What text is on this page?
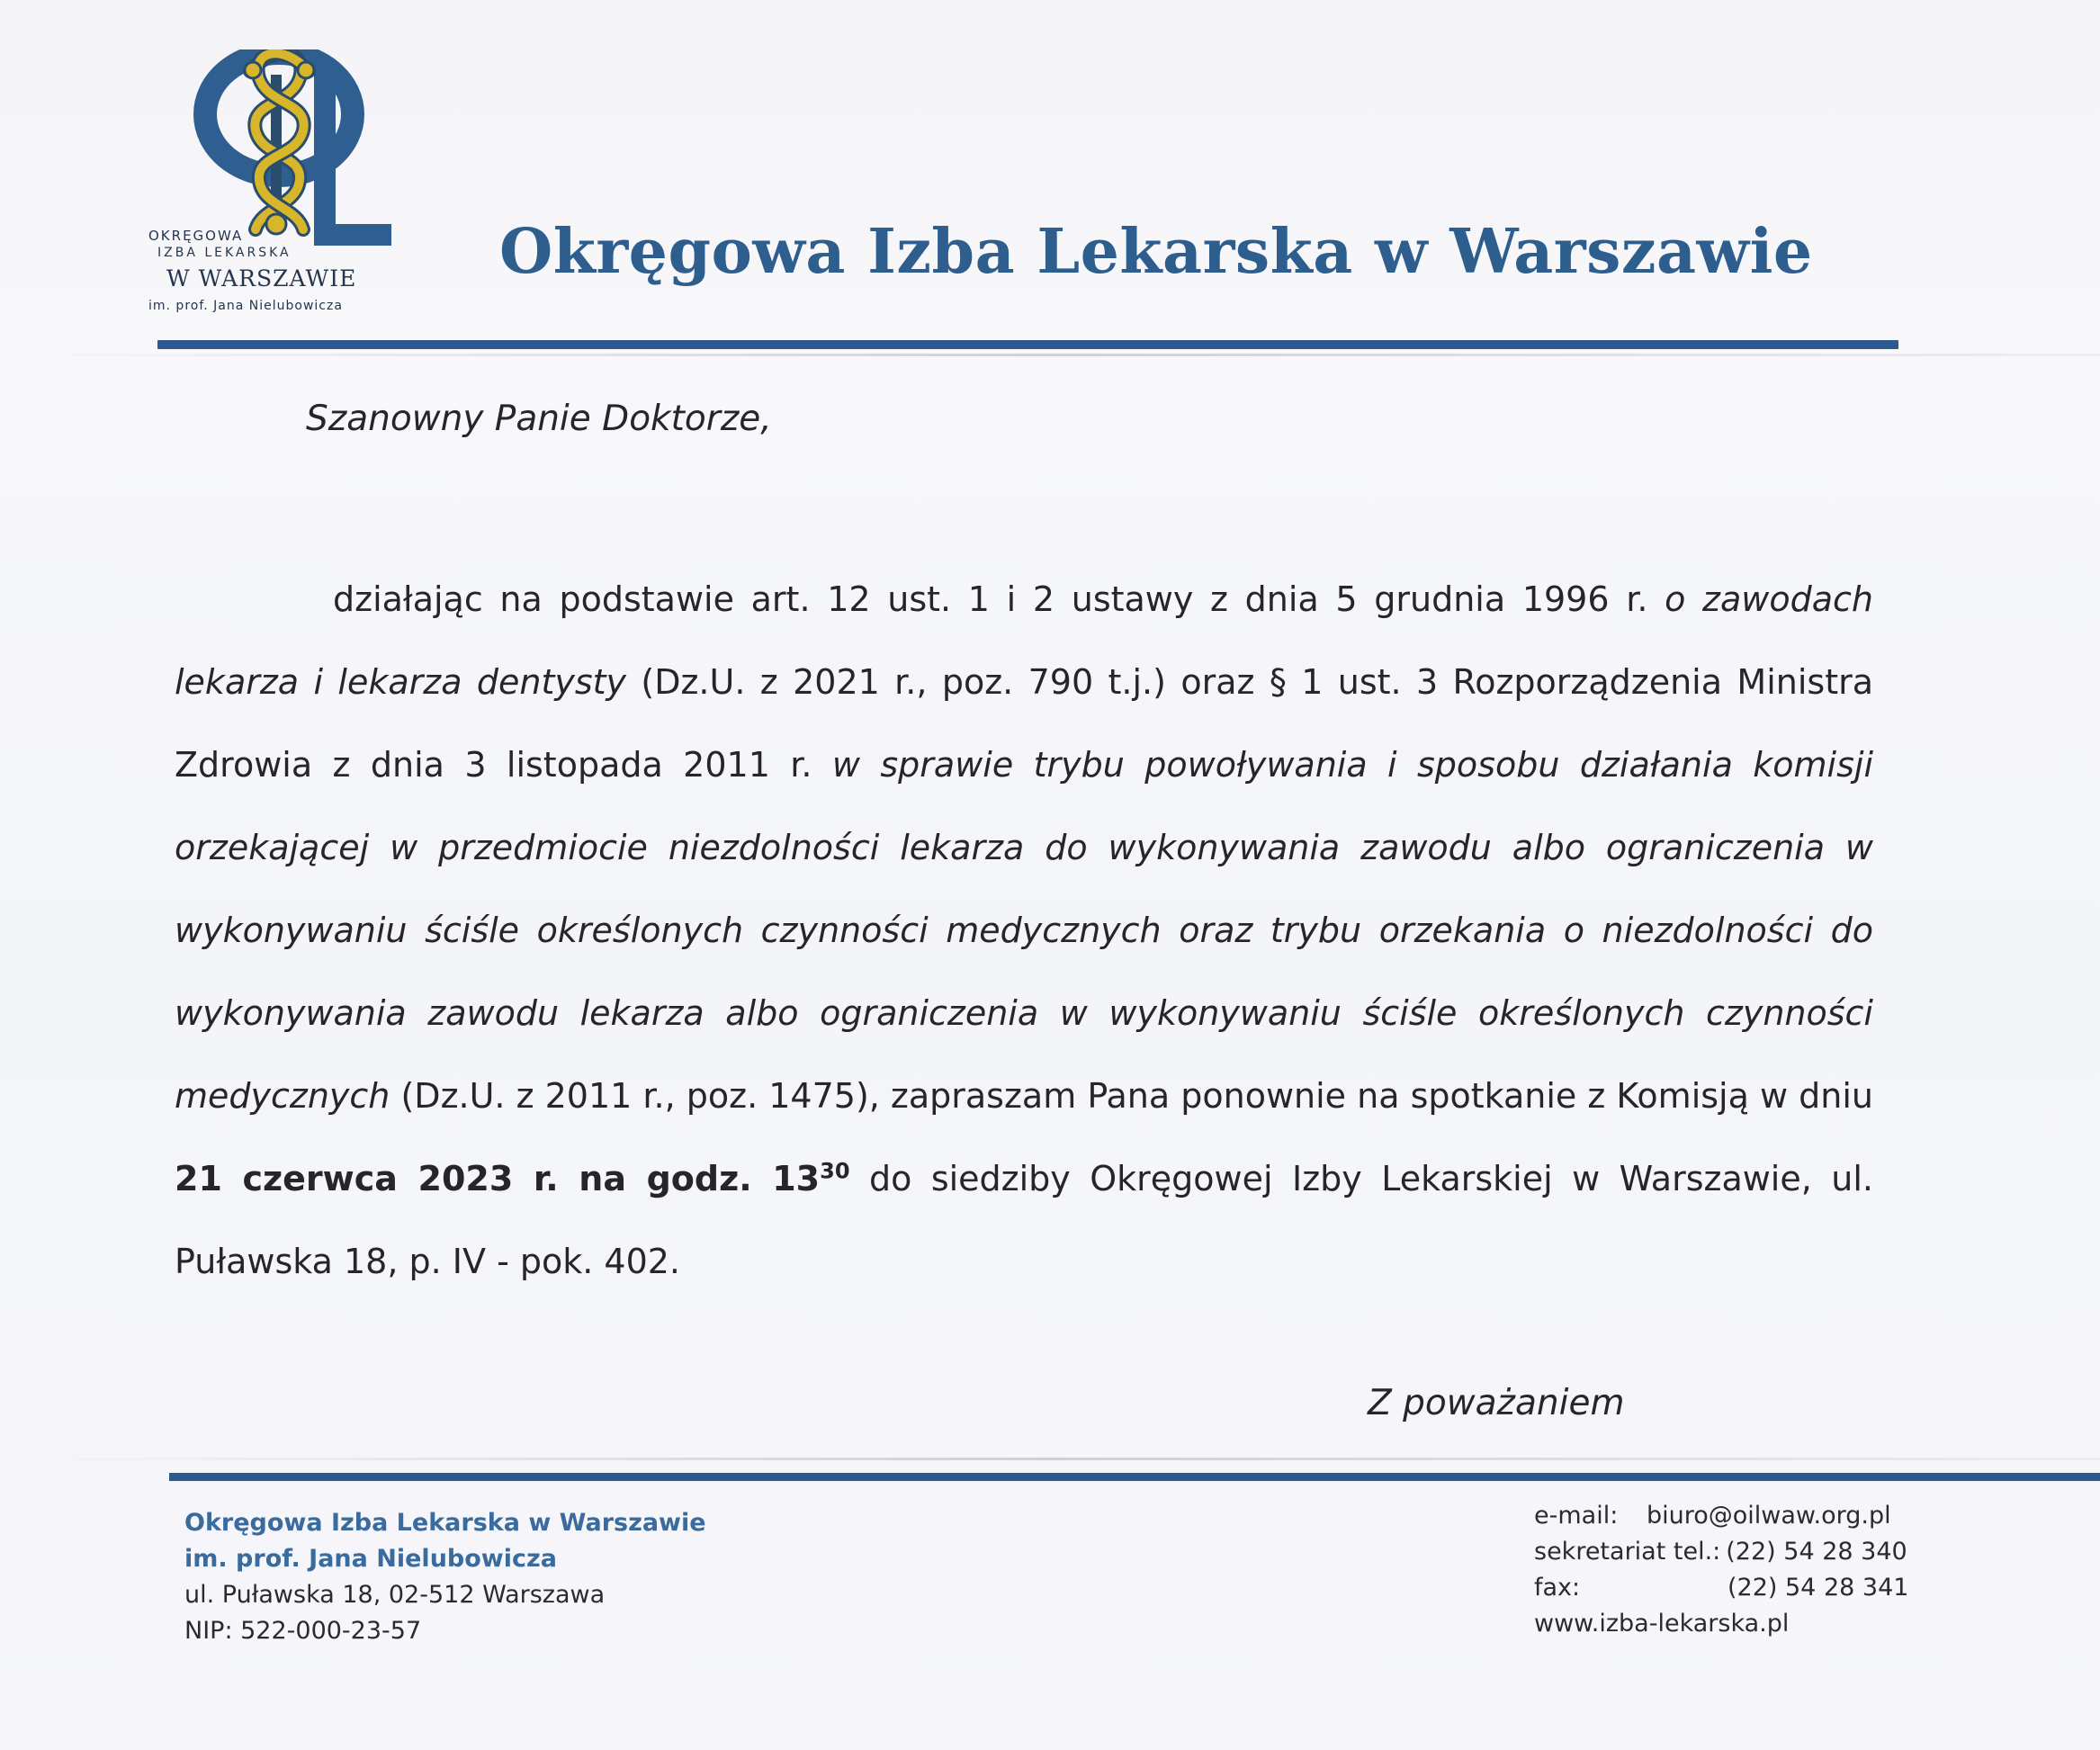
OKRĘGOWA
IZBA LEKARSKA
W WARSZAWIE
im. prof. Jana Nielubowicza
Okręgowa Izba Lekarska w Warszawie
Szanowny Panie Doktorze,
działając na podstawie art. 12 ust. 1 i 2 ustawy z dnia 5 grudnia 1996 r. o zawodach lekarza i lekarza dentysty (Dz.U. z 2021 r., poz. 790 t.j.) oraz § 1 ust. 3 Rozporządzenia Ministra Zdrowia z dnia 3 listopada 2011 r. w sprawie trybu powoływania i sposobu działania komisji orzekającej w przedmiocie niezdolności lekarza do wykonywania zawodu albo ograniczenia w wykonywaniu ściśle określonych czynności medycznych oraz trybu orzekania o niezdolności do wykonywania zawodu lekarza albo ograniczenia w wykonywaniu ściśle określonych czynności medycznych (Dz.U. z 2011 r., poz. 1475), zapraszam Pana ponownie na spotkanie z Komisją w dniu 21 czerwca 2023 r. na godz. $13^{30}$ do siedziby Okręgowej Izby Lekarskiej w Warszawie, ul. Puławska 18, p. IV - pok. 402.
Z poważaniem
Okręgowa Izba Lekarska w Warszawie
im. prof. Jana Nielubowicza
ul. Puławska 18, 02-512 Warszawa
NIP: 522-000-23-57
e-mail:	biuro@oilwaw.org.pl
sekretariat tel.: (22) 54 28 340
fax:	(22) 54 28 341
www.izba-lekarska.pl
